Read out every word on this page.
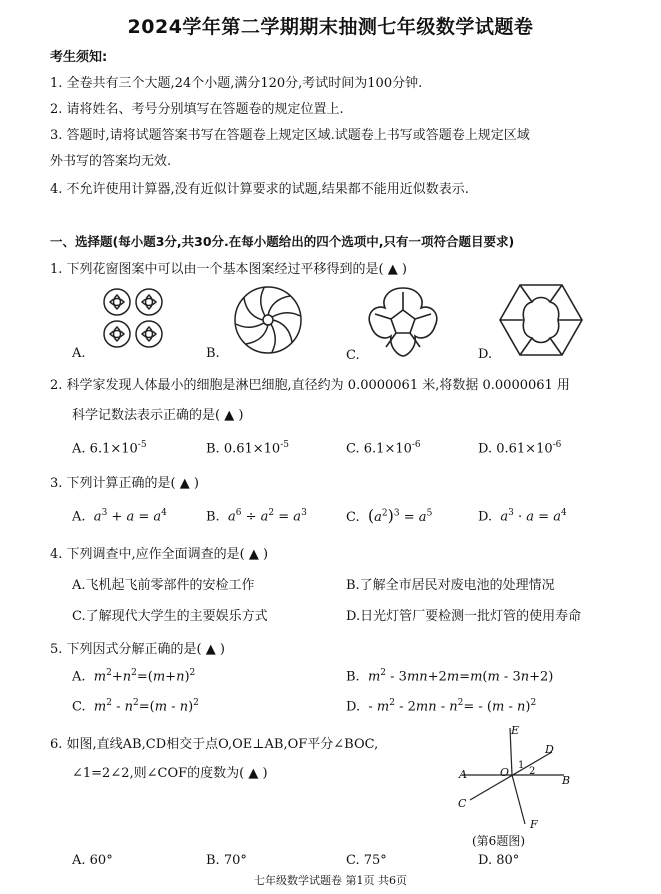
2024学年第二学期期末抽测七年级数学试题卷
考生须知:
1. 全卷共有三个大题,24个小题,满分120分,考试时间为100分钟.
2. 请将姓名、考号分别填写在答题卷的规定位置上.
3. 答题时,请将试题答案书写在答题卷上规定区域.试题卷上书写或答题卷上规定区域
外书写的答案均无效.
4. 不允许使用计算器,没有近似计算要求的试题,结果都不能用近似数表示.
一、选择题(每小题3分,共30分.在每小题给出的四个选项中,只有一项符合题目要求)
1. 下列花窗图案中可以由一个基本图案经过平移得到的是( ▲ )
A.	B.	C.	D.
2. 科学家发现人体最小的细胞是淋巴细胞,直径约为 0.0000061 米,将数据 0.0000061 用
科学记数法表示正确的是( ▲ )
A. $6.1\times 10^{-5}$	B. $0.61\times 10^{-5}$	C. $6.1\times 10^{-6}$	D. $0.61\times 10^{-6}$
3. 下列计算正确的是( ▲ )
A. $a^3 + a = a^4$	B. $a^6 \div a^2 = a^3$	C. $(a^2)^3 = a^5$	D. $a^3 \cdot a = a^4$
4. 下列调查中,应作全面调查的是( ▲ )
A.飞机起飞前零部件的安检工作	B.了解全市居民对废电池的处理情况
C.了解现代大学生的主要娱乐方式	D.日光灯管厂要检测一批灯管的使用寿命
5. 下列因式分解正确的是( ▲ )
A. $m^2+n^2=(m+n)^2$	B. $m^2 - 3mn+2m=m(m - 3n+2)$
C. $m^2 - n^2=(m - n)^2$	D.  - $m^2 - 2mn - n^2= - (m - n)^2$
6. 如图,直线AB,CD相交于点O,OE⊥AB,OF平分∠BOC,
∠1=2∠2,则∠COF的度数为( ▲ )
E
D
A	O
1
2
B
C
F
(第6题图)
A. 60°	B. 70°	C. 75°	D. 80°
七年级数学试题卷 第1页 共6页
